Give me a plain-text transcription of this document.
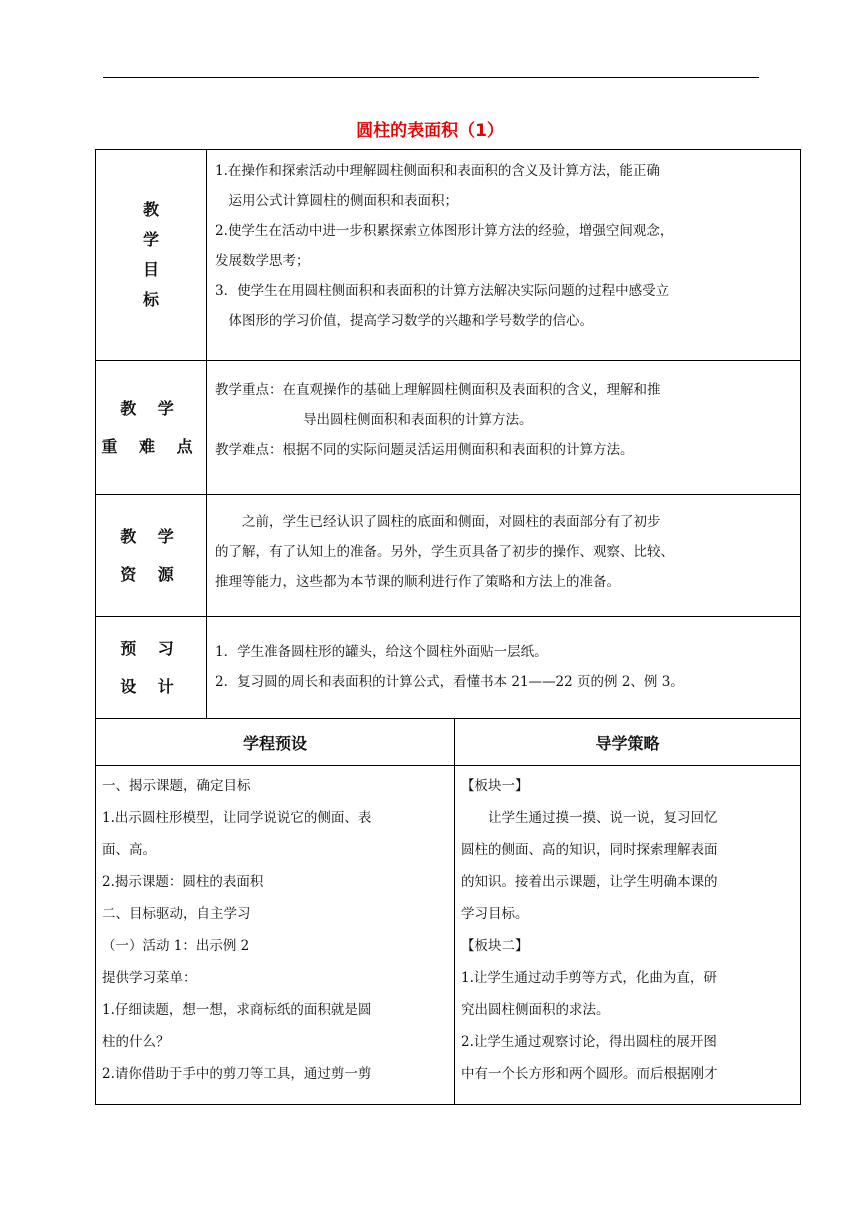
圆柱的表面积（1）
教
学
目
标

1.在操作和探索活动中理解圆柱侧面积和表面积的含义及计算方法，能正确

运用公式计算圆柱的侧面积和表面积；

2.使学生在活动中进一步积累探索立体图形计算方法的经验，增强空间观念，

发展数学思考；

3．使学生在用圆柱侧面积和表面积的计算方法解决实际问题的过程中感受立

体图形的学习价值，提高学习数学的兴趣和学号数学的信心。

教 学
重 难 点

教学重点：在直观操作的基础上理解圆柱侧面积及表面积的含义，理解和推

导出圆柱侧面积和表面积的计算方法。

教学难点：根据不同的实际问题灵活运用侧面积和表面积的计算方法。

教 学
资 源

之前，学生已经认识了圆柱的底面和侧面，对圆柱的表面部分有了初步

的了解，有了认知上的准备。另外，学生页具备了初步的操作、观察、比较、

推理等能力，这些都为本节课的顺利进行作了策略和方法上的准备。

预 习
设 计

1．学生准备圆柱形的罐头，给这个圆柱外面贴一层纸。

2．复习圆的周长和表面积的计算公式，看懂书本 21——22 页的例 2、例 3。

学程预设

一、揭示课题，确定目标

1.出示圆柱形模型，让同学说说它的侧面、表

面、高。

2.揭示课题：圆柱的表面积

二、目标驱动，自主学习

（一）活动 1：出示例 2

提供学习菜单：

1.仔细读题，想一想，求商标纸的面积就是圆

柱的什么？

2.请你借助于手中的剪刀等工具，通过剪一剪

导学策略

【板块一】

让学生通过摸一摸、说一说，复习回忆

圆柱的侧面、高的知识，同时探索理解表面

的知识。接着出示课题，让学生明确本课的

学习目标。

【板块二】

1.让学生通过动手剪等方式，化曲为直，研

究出圆柱侧面积的求法。

2.让学生通过观察讨论，得出圆柱的展开图

中有一个长方形和两个圆形。而后根据刚才
